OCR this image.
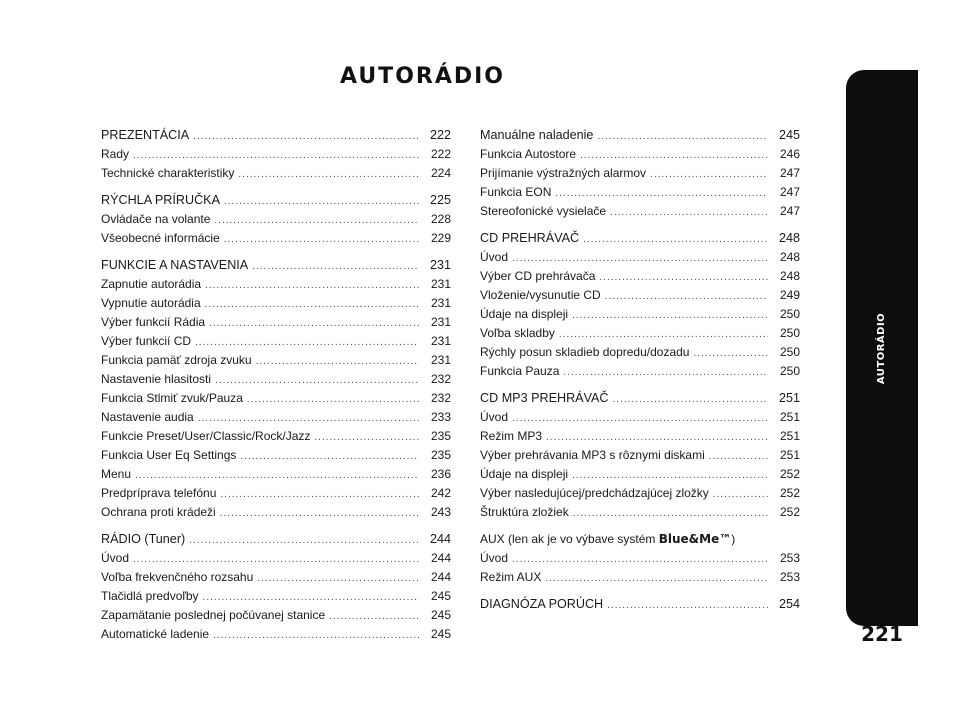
AUTORÁDIO
AUTORÁDIO
221
PREZENTÁCIA .....	222
Rady .....	222
Technické charakteristiky .....	224
RÝCHLA PRÍRUČKA .....	225
Ovládače na volante .....	228
Všeobecné informácie .....	229
FUNKCIE A NASTAVENIA .....	231
Zapnutie autorádia .....	231
Vypnutie autorádia .....	231
Výber funkcií Rádia .....	231
Výber funkcií CD .....	231
Funkcia pamäť zdroja zvuku .....	231
Nastavenie hlasitosti .....	232
Funkcia Stlmiť zvuk/Pauza .....	232
Nastavenie audia .....	233
Funkcie Preset/User/Classic/Rock/Jazz .....	235
Funkcia User Eq Settings .....	235
Menu .....	236
Predpríprava telefónu .....	242
Ochrana proti krádeži .....	243
RÁDIO (Tuner) .....	244
Úvod .....	244
Voľba frekvenčného rozsahu .....	244
Tlačidlá predvoľby .....	245
Zapamätanie poslednej počúvanej stanice .....	245
Automatické ladenie .....	245
Manuálne naladenie .....	245
Funkcia Autostore .....	246
Prijímanie výstražných alarmov .....	247
Funkcia EON .....	247
Stereofonické vysielače .....	247
CD PREHRÁVAČ .....	248
Úvod .....	248
Výber CD prehrávača .....	248
Vloženie/vysunutie CD .....	249
Údaje na displeji .....	250
Voľba skladby .....	250
Rýchly posun skladieb dopredu/dozadu .....	250
Funkcia Pauza .....	250
CD MP3 PREHRÁVAČ .....	251
Úvod .....	251
Režim MP3 .....	251
Výber prehrávania MP3 s rôznymi diskami .....	251
Údaje na displeji .....	252
Výber nasledujúcej/predchádzajúcej zložky .....	252
Štruktúra zložiek .....	252
AUX (len ak je vo výbave systém Blue&Me™)
Úvod .....	253
Režim AUX .....	253
DIAGNÓZA PORÚCH .....	254
